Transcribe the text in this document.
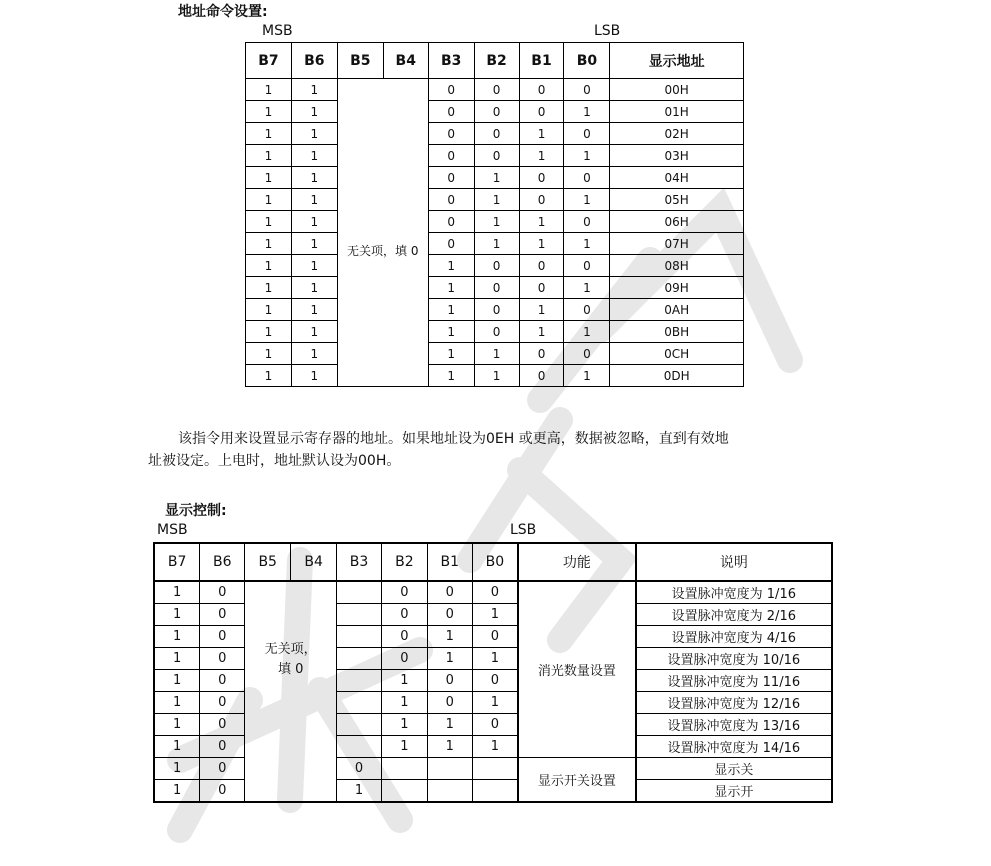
地址命令设置:
MSB	LSB
B7	B6	B5	B4	B3	B2	B1	B0	显示地址
1	1	无关项，填 0		0	0	0	0	00H
1	1			0	0	0	1	01H
1	1			0	0	1	0	02H
1	1			0	0	1	1	03H
1	1			0	1	0	0	04H
1	1			0	1	0	1	05H
1	1			0	1	1	0	06H
1	1			0	1	1	1	07H
1	1			1	0	0	0	08H
1	1			1	0	0	1	09H
1	1			1	0	1	0	0AH
1	1			1	0	1	1	0BH
1	1			1	1	0	0	0CH
1	1			1	1	0	1	0DH
该指令用来设置显示寄存器的地址。如果地址设为0EH 或更高，数据被忽略，直到有效地
址被设定。上电时，地址默认设为00H。
显示控制:
MSB	LSB
B7	B6	B5	B4	B3	B2	B1	B0	功能	说明
1	0	无关项，填 0			0	0	0	消光数量设置	设置脉冲宽度为 1/16
1	0				0	0	1		设置脉冲宽度为 2/16
1	0				0	1	0		设置脉冲宽度为 4/16
1	0				0	1	1		设置脉冲宽度为 10/16
1	0				1	0	0		设置脉冲宽度为 11/16
1	0				1	0	1		设置脉冲宽度为 12/16
1	0				1	1	0		设置脉冲宽度为 13/16
1	0				1	1	1		设置脉冲宽度为 14/16
1	0			0				显示开关设置	显示关
1	0			1					显示开
